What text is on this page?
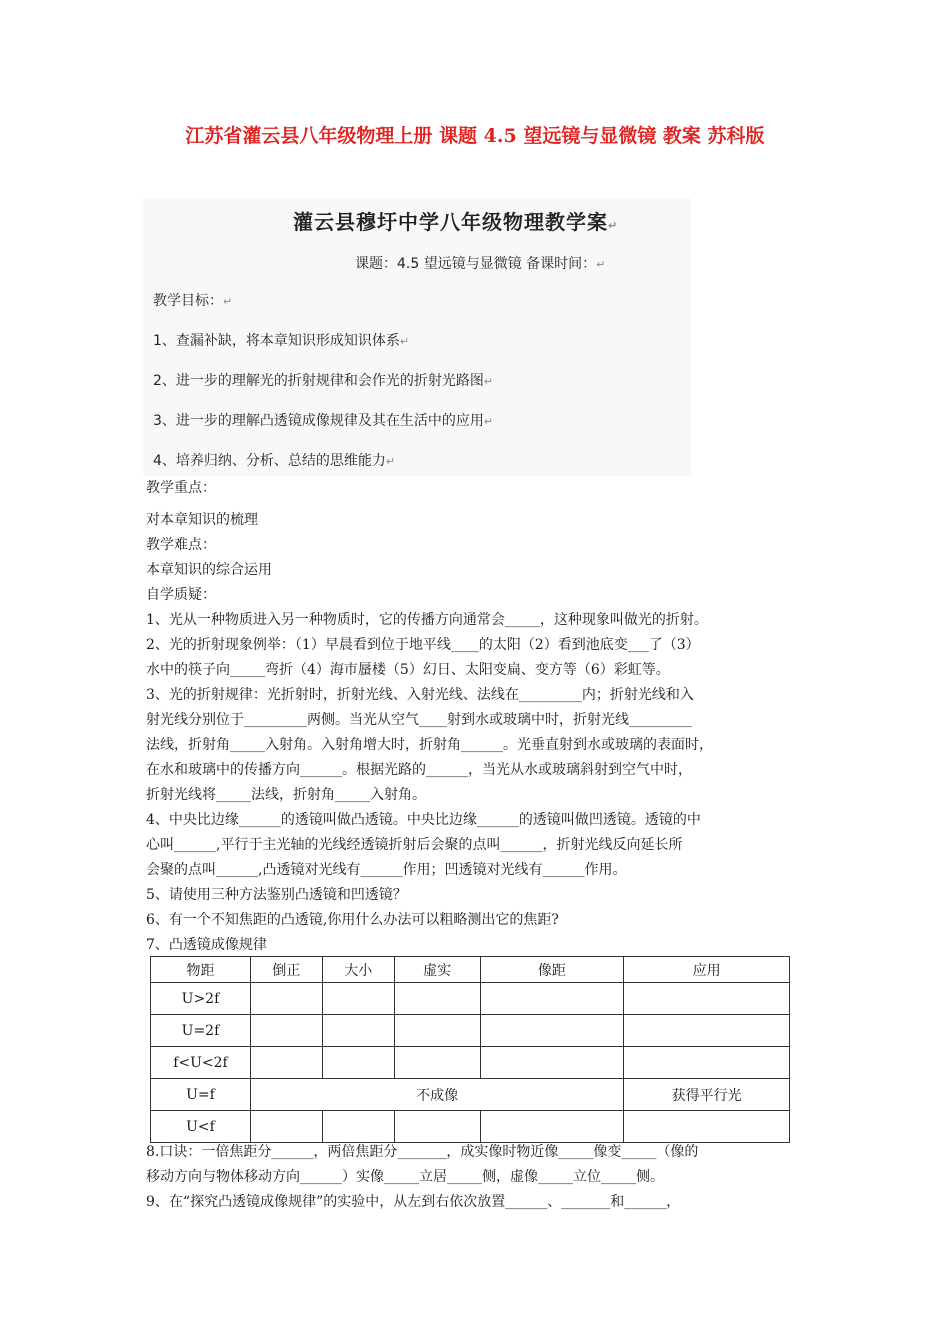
江苏省灌云县八年级物理上册 课题 4.5 望远镜与显微镜 教案 苏科版
灌云县穆圩中学八年级物理教学案↵
课题：4.5 望远镜与显微镜 备课时间：↵
教学目标：↵
1、查漏补缺，将本章知识形成知识体系↵
2、进一步的理解光的折射规律和会作光的折射光路图↵
3、进一步的理解凸透镜成像规律及其在生活中的应用↵
4、培养归纳、分析、总结的思维能力↵

教学重点：

对本章知识的梳理

教学难点：

本章知识的综合运用

自学质疑：

1、光从一种物质进入另一种物质时，它的传播方向通常会_____，这种现象叫做光的折射。

2、光的折射现象例举：（1）早晨看到位于地平线____的太阳（2）看到池底变___了（3）

水中的筷子向_____弯折（4）海市蜃楼（5）幻日、太阳变扁、变方等（6）彩虹等。

3、光的折射规律：光折射时，折射光线、入射光线、法线在_________内；折射光线和入

射光线分别位于_________两侧。当光从空气____射到水或玻璃中时，折射光线_________

法线，折射角_____入射角。入射角增大时，折射角______。光垂直射到水或玻璃的表面时，

在水和玻璃中的传播方向______。根据光路的______，当光从水或玻璃斜射到空气中时，

折射光线将_____法线，折射角_____入射角。

4、中央比边缘______的透镜叫做凸透镜。中央比边缘______的透镜叫做凹透镜。透镜的中

心叫______,平行于主光轴的光线经透镜折射后会聚的点叫______，折射光线反向延长所

会聚的点叫______,凸透镜对光线有______作用；凹透镜对光线有______作用。

5、请使用三种方法鉴别凸透镜和凹透镜？

6、有一个不知焦距的凸透镜,你用什么办法可以粗略测出它的焦距?

7、凸透镜成像规律

物距	倒正	大小	虚实	像距	应用
U>2f					
U=2f					
f<U<2f					
U=f	不成像				获得平行光
U<f					

8.口诀：一倍焦距分______，两倍焦距分_______，成实像时物近像_____像变_____（像的

移动方向与物体移动方向______）实像_____立居_____侧，虚像_____立位_____侧。

9、在“探究凸透镜成像规律”的实验中，从左到右依次放置______、_______和______，
